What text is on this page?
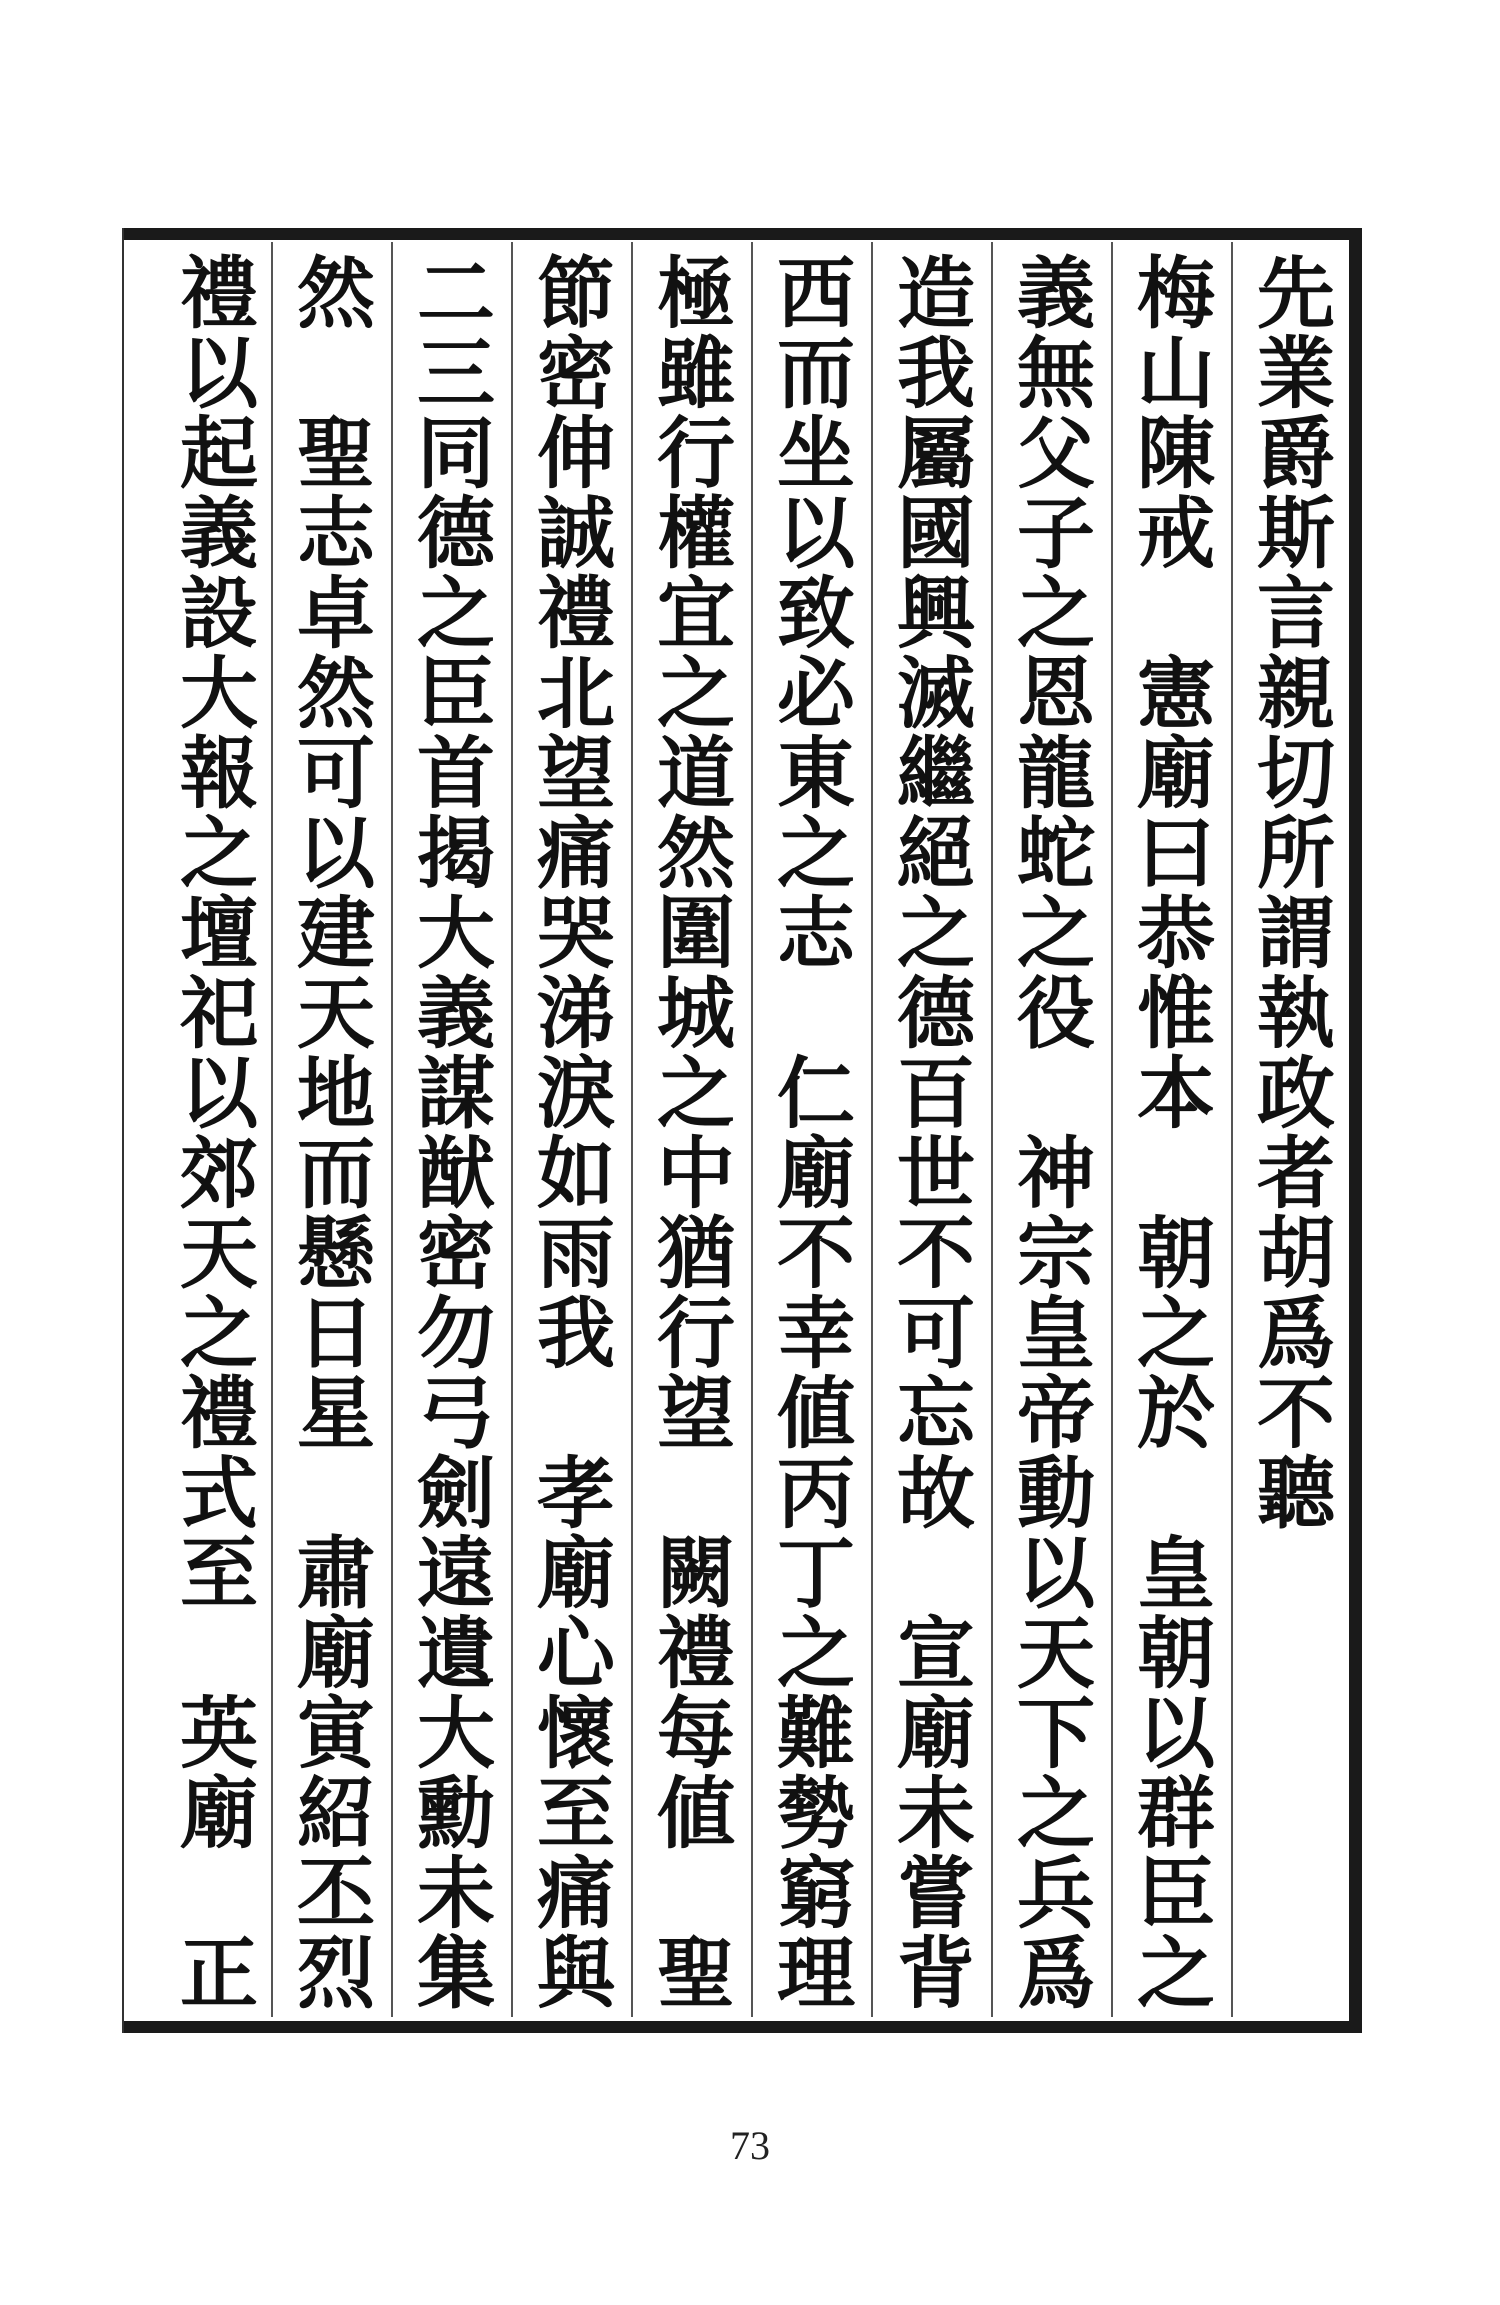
先業爵斯言親切所謂執政者胡爲不聽
梅山陳戒　憲廟曰恭惟本　朝之於　皇朝以群臣之
義無父子之恩龍蛇之役　神宗皇帝動以天下之兵爲
造我屬國興滅繼絕之德百世不可忘故　宣廟未嘗背
西而坐以致必東之志　仁廟不幸値丙丁之難勢窮理
極雖行權宜之道然圍城之中猶行望　闕禮每値　聖
節密伸誠禮北望痛哭涕淚如雨我　孝廟心懷至痛與
二三同德之臣首揭大義謀猷密勿弓劍遠遺大勳未集
然　聖志卓然可以建天地而懸日星　肅廟寅紹丕烈
禮以起義設大報之壇祀以郊天之禮式至　英廟　正
73
